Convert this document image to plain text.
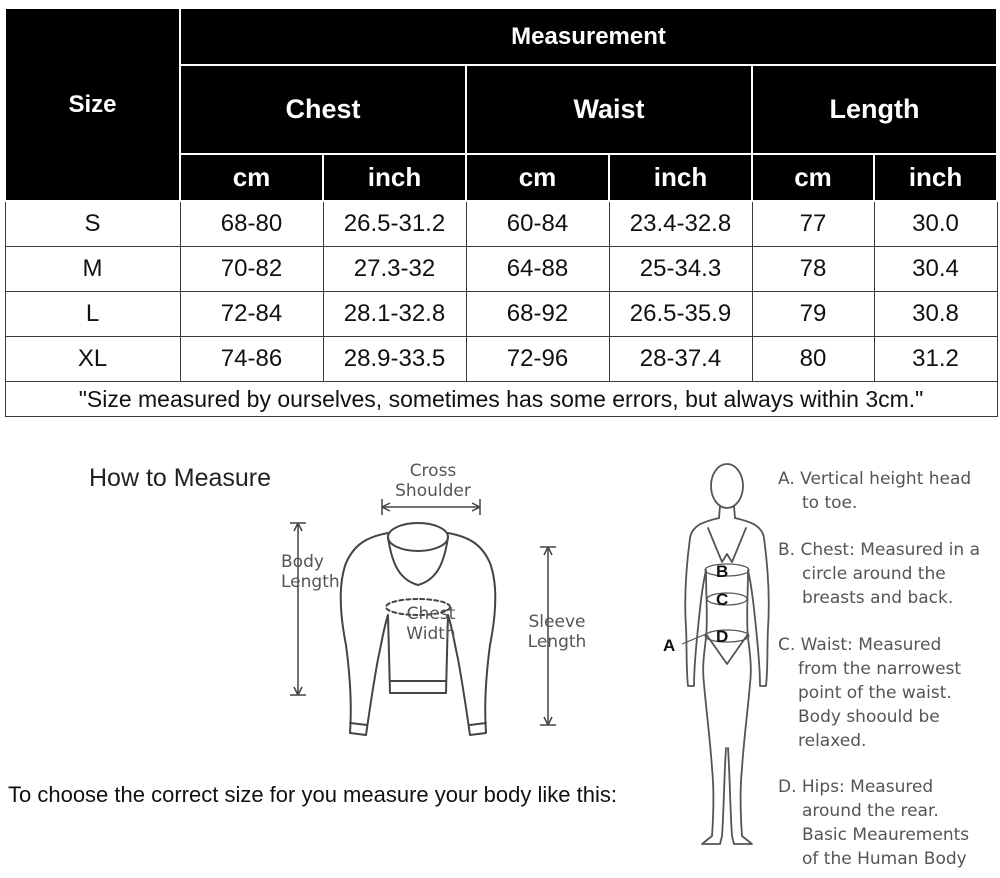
Size	Measurement					
	Chest		Waist		Length	
	cm	inch	cm	inch	cm	inch
S	68-80	26.5-31.2	60-84	23.4-32.8	77	30.0
M	70-82	27.3-32	64-88	25-34.3	78	30.4
L	72-84	28.1-32.8	68-92	26.5-35.9	79	30.8
XL	74-86	28.9-33.5	72-96	28-37.4	80	31.2
"Size measured by ourselves, sometimes has some errors, but always within 3cm."						
How to Measure	Cross
Shoulder
Body
Length
Chest
Width
Sleeve
Length
To choose the correct size for you measure your body like this:
A
B
C
D
A. Vertical height head
to toe.
B. Chest: Measured in a
circle around the
breasts and back.
C. Waist: Measured
from the narrowest
point of the waist.
Body shoould be
relaxed.
D. Hips: Measured
around the rear.
Basic Meaurements
of the Human Body
